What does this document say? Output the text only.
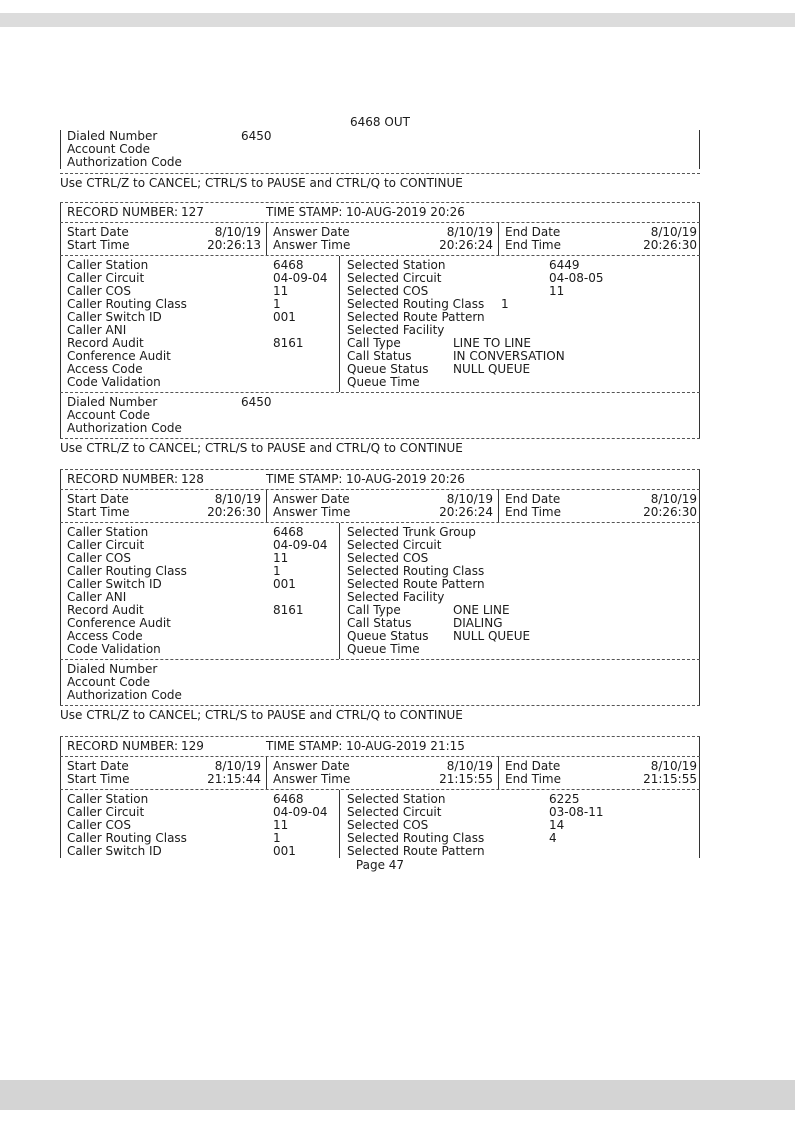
6468 OUT
Dialed Number	6450
Account Code
Authorization Code
Use CTRL/Z to CANCEL; CTRL/S to PAUSE and CTRL/Q to CONTINUE
RECORD NUMBER: 127	TIME STAMP: 10-AUG-2019 20:26
Start Date	8/10/19 Answer Date	8/10/19 End Date	8/10/19
Start Time	20:26:13 Answer Time	20:26:24 End Time	20:26:30
Caller Station	6468	Selected Station	6449
Caller Circuit	04-09-04 Selected Circuit	04-08-05
Caller COS	11	Selected COS	11
Caller Routing Class	1	Selected Routing Class 1
Caller Switch ID	001	Selected Route Pattern
Caller ANI	Selected Facility
Record Audit	8161	Call Type	LINE TO LINE
Conference Audit	Call Status	IN CONVERSATION
Access Code	Queue Status NULL QUEUE
Code Validation	Queue Time
Dialed Number	6450
Account Code
Authorization Code
Use CTRL/Z to CANCEL; CTRL/S to PAUSE and CTRL/Q to CONTINUE
RECORD NUMBER: 128	TIME STAMP: 10-AUG-2019 20:26
Start Date	8/10/19 Answer Date	8/10/19 End Date	8/10/19
Start Time	20:26:30 Answer Time	20:26:24 End Time	20:26:30
Caller Station	6468	Selected Trunk Group
Caller Circuit	04-09-04 Selected Circuit
Caller COS	11	Selected COS
Caller Routing Class	1	Selected Routing Class
Caller Switch ID	001	Selected Route Pattern
Caller ANI	Selected Facility
Record Audit	8161	Call Type	ONE LINE
Conference Audit	Call Status	DIALING
Access Code	Queue Status NULL QUEUE
Code Validation	Queue Time
Dialed Number
Account Code
Authorization Code
Use CTRL/Z to CANCEL; CTRL/S to PAUSE and CTRL/Q to CONTINUE
RECORD NUMBER: 129	TIME STAMP: 10-AUG-2019 21:15
Start Date	8/10/19 Answer Date	8/10/19 End Date	8/10/19
Start Time	21:15:44 Answer Time	21:15:55 End Time	21:15:55
Caller Station	6468	Selected Station	6225
Caller Circuit	04-09-04 Selected Circuit	03-08-11
Caller COS	11	Selected COS	14
Caller Routing Class	1	Selected Routing Class	4
Caller Switch ID	001	Selected Route Pattern
Page 47
